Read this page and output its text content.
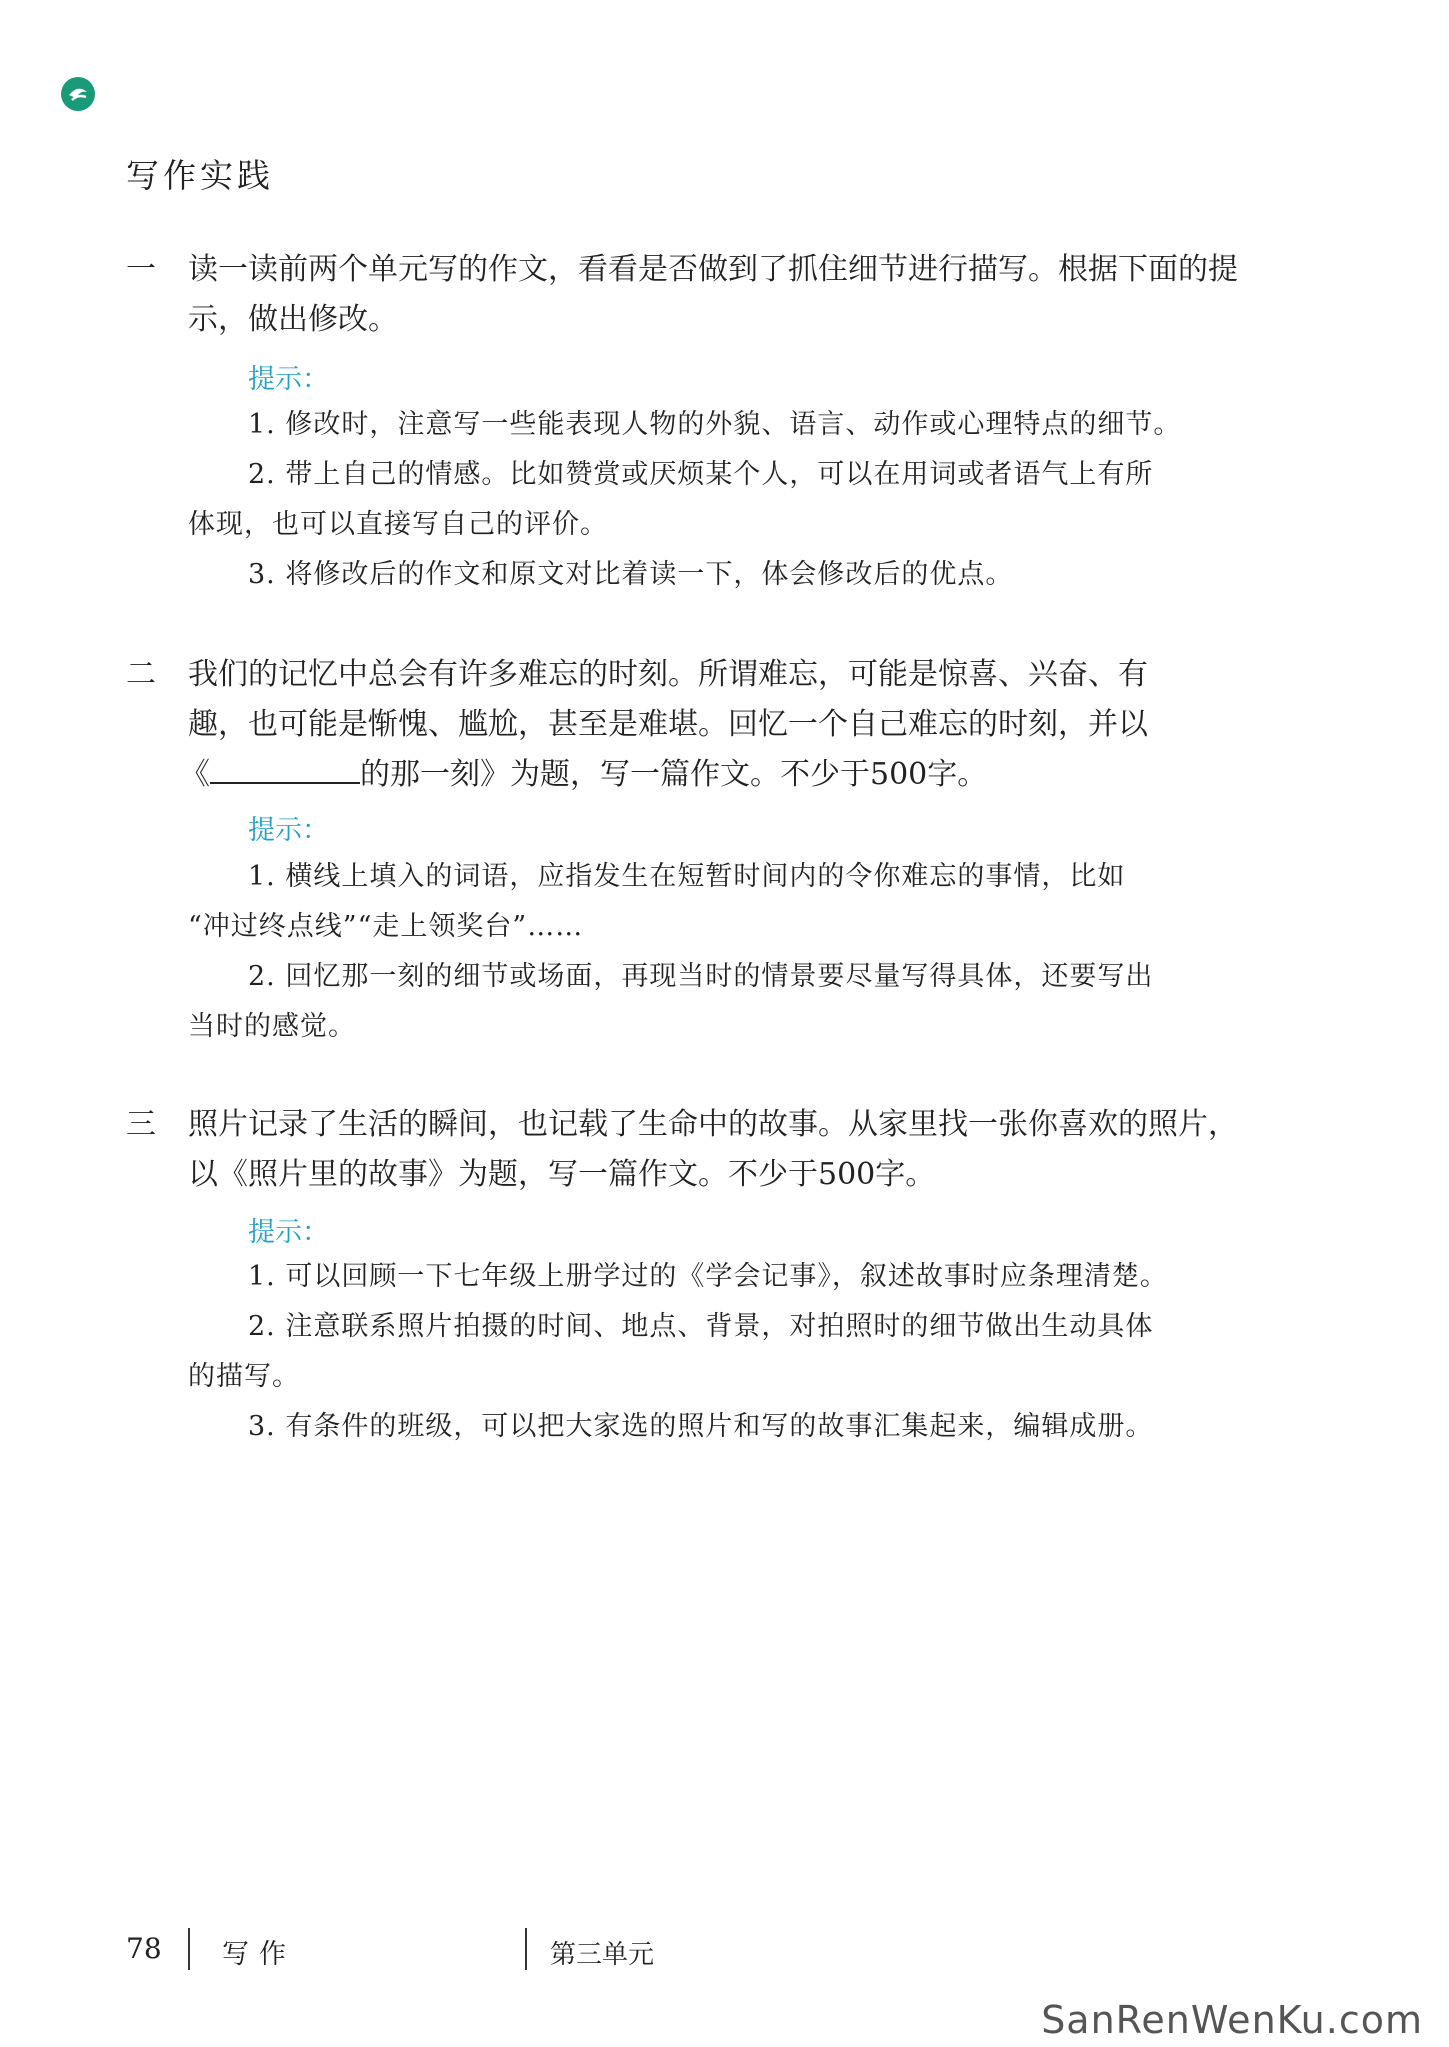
写作实践
一 读一读前两个单元写的作文，看看是否做到了抓住细节进行描写。根据下面的提
示，做出修改。
提示：
1. 修改时，注意写一些能表现人物的外貌、语言、动作或心理特点的细节。
2. 带上自己的情感。比如赞赏或厌烦某个人，可以在用词或者语气上有所
体现，也可以直接写自己的评价。
3. 将修改后的作文和原文对比着读一下，体会修改后的优点。
二 我们的记忆中总会有许多难忘的时刻。所谓难忘，可能是惊喜、兴奋、有
趣，也可能是惭愧、尴尬，甚至是难堪。回忆一个自己难忘的时刻，并以
《	的那一刻》为题，写一篇作文。不少于500字。
提示：
1. 横线上填入的词语，应指发生在短暂时间内的令你难忘的事情，比如
“冲过终点线”“走上领奖台”……
2. 回忆那一刻的细节或场面，再现当时的情景要尽量写得具体，还要写出
当时的感觉。
三 照片记录了生活的瞬间，也记载了生命中的故事。从家里找一张你喜欢的照片，
以《照片里的故事》为题，写一篇作文。不少于500字。
提示：
1. 可以回顾一下七年级上册学过的《学会记事》，叙述故事时应条理清楚。
2. 注意联系照片拍摄的时间、地点、背景，对拍照时的细节做出生动具体
的描写。
3. 有条件的班级，可以把大家选的照片和写的故事汇集起来，编辑成册。
78 写作	第三单元
SanRenWenKu.com
